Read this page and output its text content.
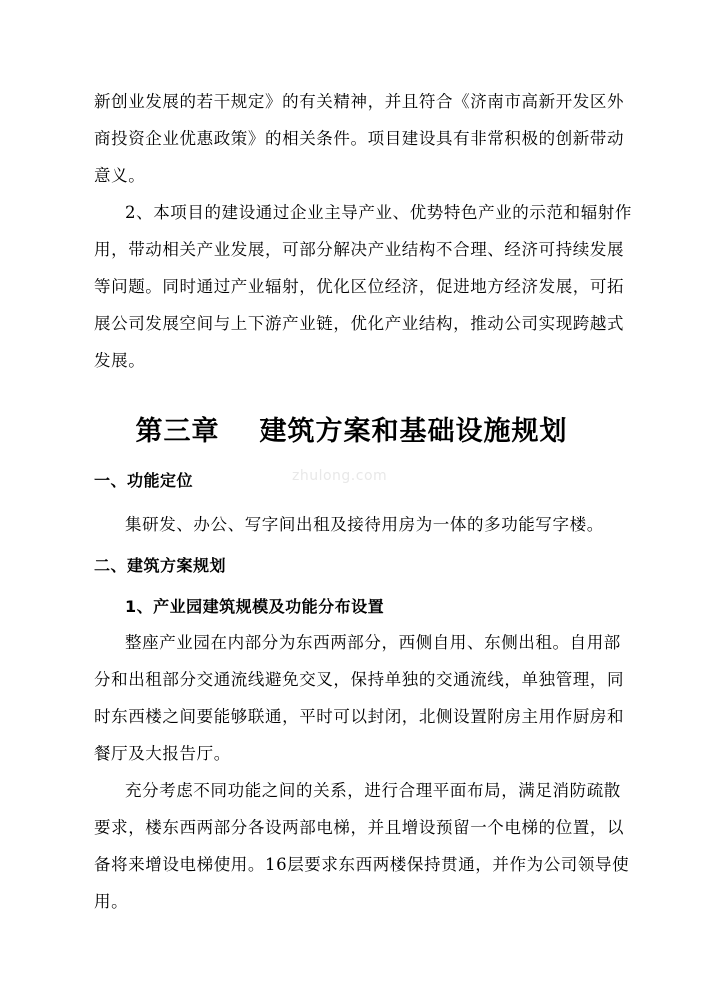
新创业发展的若干规定》的有关精神，并且符合《济南市高新开发区外
商投资企业优惠政策》的相关条件。项目建设具有非常积极的创新带动
意义。
2、本项目的建设通过企业主导产业、优势特色产业的示范和辐射作
用，带动相关产业发展，可部分解决产业结构不合理、经济可持续发展
等问题。同时通过产业辐射，优化区位经济，促进地方经济发展，可拓
展公司发展空间与上下游产业链，优化产业结构，推动公司实现跨越式
发展。
第三章 建筑方案和基础设施规划
zhulong.com
一、功能定位
集研发、办公、写字间出租及接待用房为一体的多功能写字楼。
二、建筑方案规划
1、产业园建筑规模及功能分布设置
整座产业园在内部分为东西两部分，西侧自用、东侧出租。自用部
分和出租部分交通流线避免交叉，保持单独的交通流线，单独管理，同
时东西楼之间要能够联通，平时可以封闭，北侧设置附房主用作厨房和
餐厅及大报告厅。
充分考虑不同功能之间的关系，进行合理平面布局，满足消防疏散
要求，楼东西两部分各设两部电梯，并且增设预留一个电梯的位置，以
备将来增设电梯使用。16层要求东西两楼保持贯通，并作为公司领导使
用。
